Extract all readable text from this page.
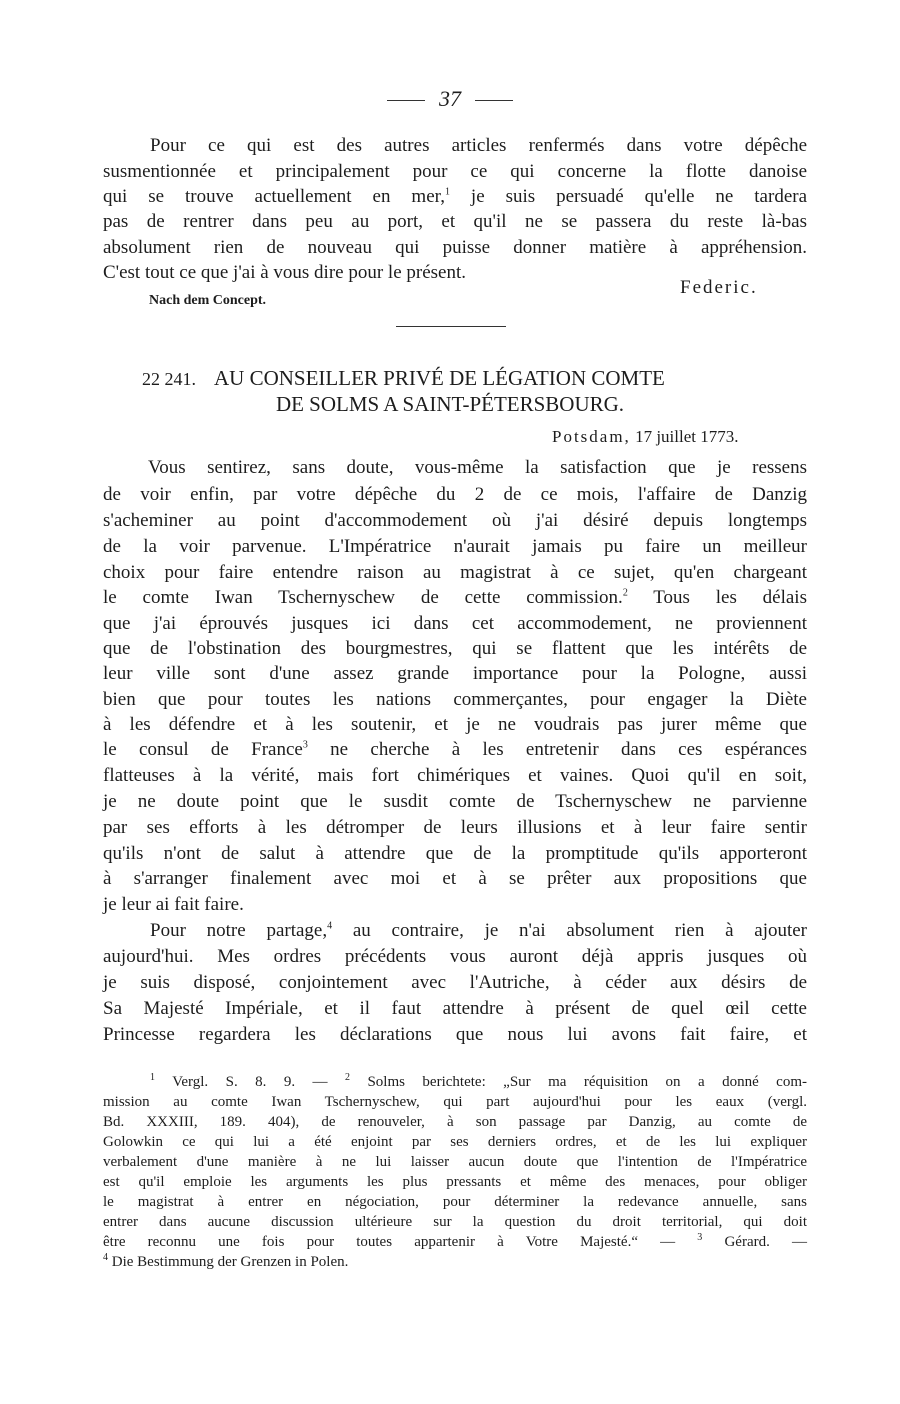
37
Pour ce qui est des autres articles renfermés dans votre dépêche
susmentionnée et principalement pour ce qui concerne la flotte danoise
qui se trouve actuellement en mer,$^1$ je suis persuadé qu'elle ne tardera
pas de rentrer dans peu au port, et qu'il ne se passera du reste là-bas
absolument rien de nouveau qui puisse donner matière à appréhension.
C'est tout ce que j'ai à vous dire pour le présent.
Federic.
Nach dem Concept.
22 241. AU CONSEILLER PRIVÉ DE LÉGATION COMTE
DE SOLMS A SAINT-PÉTERSBOURG.
Potsdam, 17 juillet 1773.
Vous sentirez, sans doute, vous-même la satisfaction que je ressens
de voir enfin, par votre dépêche du 2 de ce mois, l'affaire de Danzig
s'acheminer au point d'accommodement où j'ai désiré depuis longtemps
de la voir parvenue. L'Impératrice n'aurait jamais pu faire un meilleur
choix pour faire entendre raison au magistrat à ce sujet, qu'en chargeant
le comte Iwan Tschernyschew de cette commission.$^2$ Tous les délais
que j'ai éprouvés jusques ici dans cet accommodement, ne proviennent
que de l'obstination des bourgmestres, qui se flattent que les intérêts de
leur ville sont d'une assez grande importance pour la Pologne, aussi
bien que pour toutes les nations commerçantes, pour engager la Diète
à les défendre et à les soutenir, et je ne voudrais pas jurer même que
le consul de France$^3$ ne cherche à les entretenir dans ces espérances
flatteuses à la vérité, mais fort chimériques et vaines. Quoi qu'il en soit,
je ne doute point que le susdit comte de Tschernyschew ne parvienne
par ses efforts à les détromper de leurs illusions et à leur faire sentir
qu'ils n'ont de salut à attendre que de la promptitude qu'ils apporteront
à s'arranger finalement avec moi et à se prêter aux propositions que
je leur ai fait faire.
Pour notre partage,$^4$ au contraire, je n'ai absolument rien à ajouter
aujourd'hui. Mes ordres précédents vous auront déjà appris jusques où
je suis disposé, conjointement avec l'Autriche, à céder aux désirs de
Sa Majesté Impériale, et il faut attendre à présent de quel œil cette
Princesse regardera les déclarations que nous lui avons fait faire, et
$^1$ Vergl. S. 8. 9. — $^2$ Solms berichtete: „Sur ma réquisition on a donné com-
mission au comte Iwan Tschernyschew, qui part aujourd'hui pour les eaux (vergl.
Bd. XXXIII, 189. 404), de renouveler, à son passage par Danzig, au comte de
Golowkin ce qui lui a été enjoint par ses derniers ordres, et de les lui expliquer
verbalement d'une manière à ne lui laisser aucun doute que l'intention de l'Impératrice
est qu'il emploie les arguments les plus pressants et même des menaces, pour obliger
le magistrat à entrer en négociation, pour déterminer la redevance annuelle, sans
entrer dans aucune discussion ultérieure sur la question du droit territorial, qui doit
être reconnu une fois pour toutes appartenir à Votre Majesté.“ — $^3$ Gérard. —
$^4$ Die Bestimmung der Grenzen in Polen.
